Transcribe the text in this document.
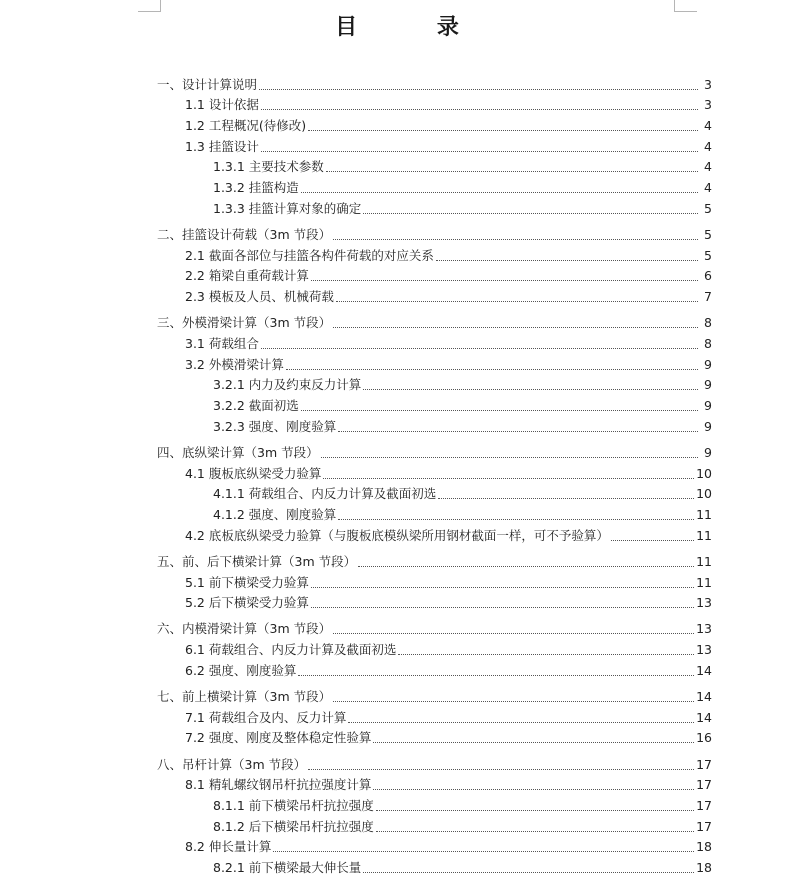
目 录
一、设计计算说明	3
1.1 设计依据	3
1.2 工程概况(待修改)	4
1.3 挂篮设计	4
1.3.1 主要技术参数	4
1.3.2 挂篮构造	4
1.3.3 挂篮计算对象的确定	5
二、挂篮设计荷载（3m 节段）	5
2.1 截面各部位与挂篮各构件荷载的对应关系	5
2.2 箱梁自重荷载计算	6
2.3 模板及人员、机械荷载	7
三、外模滑梁计算（3m 节段）	8
3.1 荷载组合	8
3.2 外模滑梁计算	9
3.2.1 内力及约束反力计算	9
3.2.2 截面初选	9
3.2.3 强度、刚度验算	9
四、底纵梁计算（3m 节段）	9
4.1 腹板底纵梁受力验算	10
4.1.1 荷载组合、内反力计算及截面初选	10
4.1.2 强度、刚度验算	11
4.2 底板底纵梁受力验算（与腹板底模纵梁所用钢材截面一样，可不予验算）	11
五、前、后下横梁计算（3m 节段）	11
5.1 前下横梁受力验算	11
5.2 后下横梁受力验算	13
六、内模滑梁计算（3m 节段）	13
6.1 荷载组合、内反力计算及截面初选	13
6.2 强度、刚度验算	14
七、前上横梁计算（3m 节段）	14
7.1 荷载组合及内、反力计算	14
7.2 强度、刚度及整体稳定性验算	16
八、吊杆计算（3m 节段）	17
8.1 精轧螺纹钢吊杆抗拉强度计算	17
8.1.1 前下横梁吊杆抗拉强度	17
8.1.2 后下横梁吊杆抗拉强度	17
8.2 伸长量计算	18
8.2.1 前下横梁最大伸长量	18
